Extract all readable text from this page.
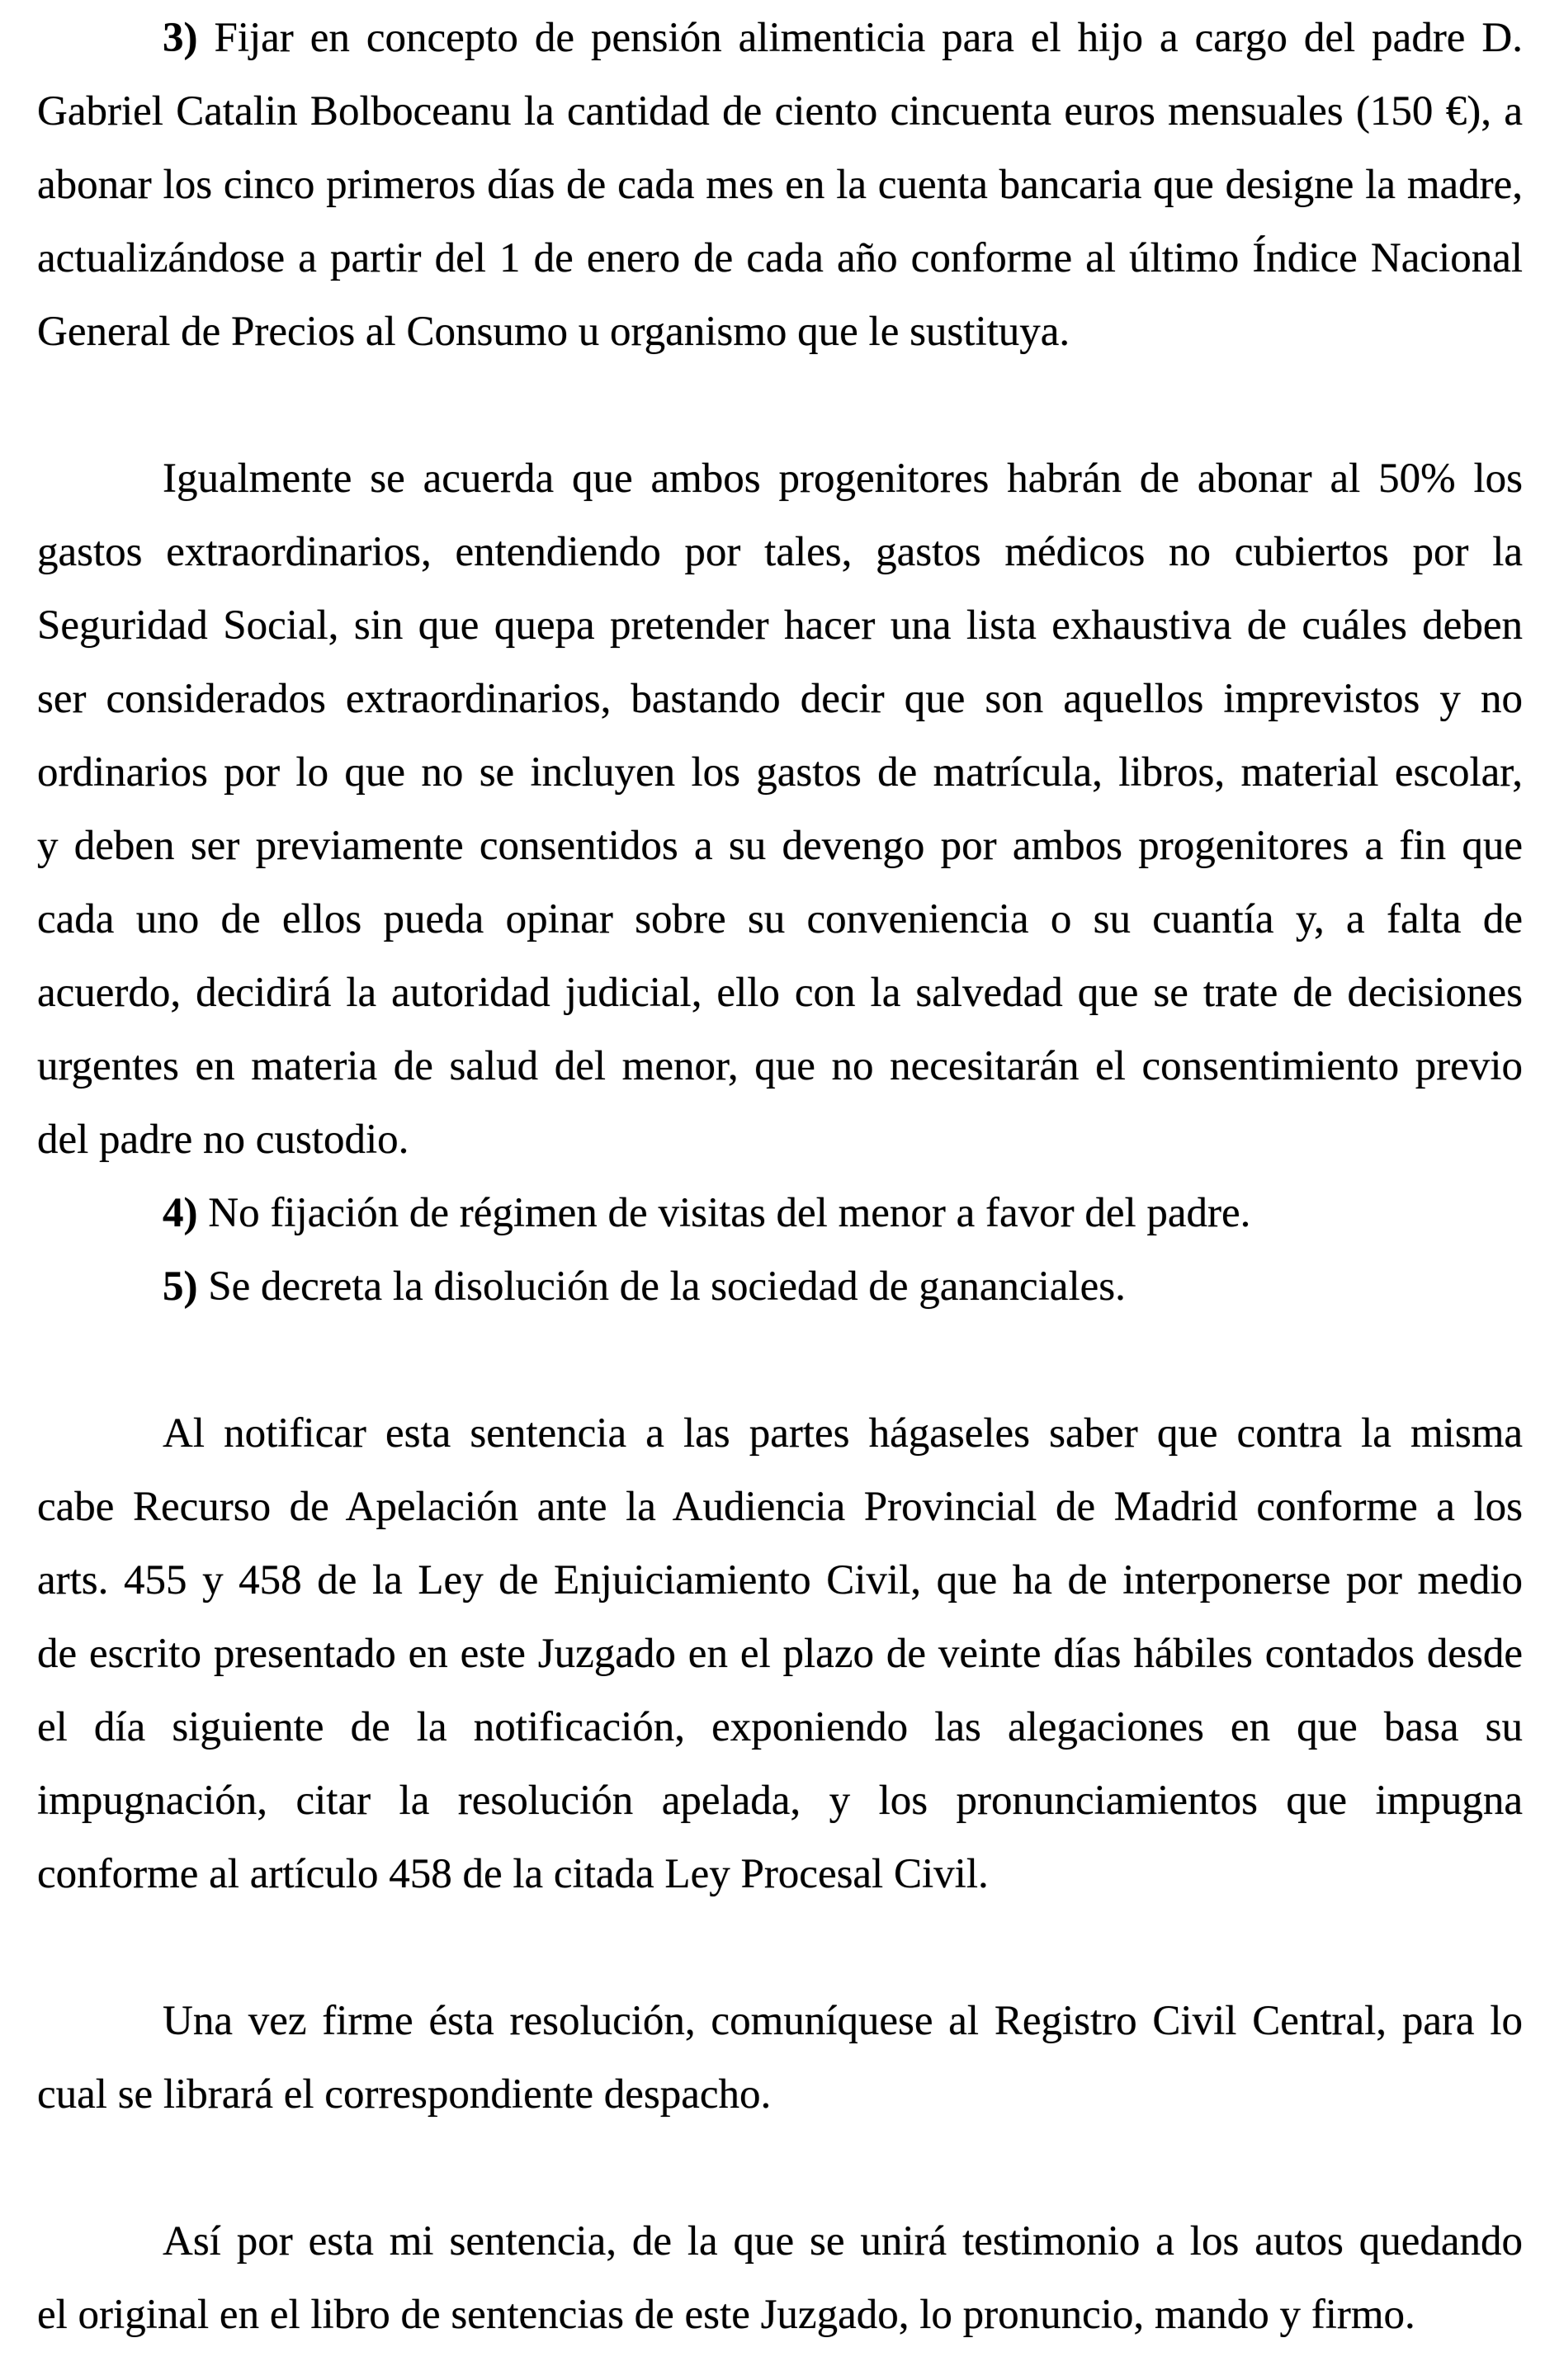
3) Fijar en concepto de pensión alimenticia para el hijo a cargo del padre D.
Gabriel Catalin Bolboceanu la cantidad de ciento cincuenta euros mensuales (150 €), a
abonar los cinco primeros días de cada mes en la cuenta bancaria que designe la madre,
actualizándose a partir del 1 de enero de cada año conforme al último Índice Nacional
General de Precios al Consumo u organismo que le sustituya.
Igualmente se acuerda que ambos progenitores habrán de abonar al 50% los
gastos extraordinarios, entendiendo por tales, gastos médicos no cubiertos por la
Seguridad Social, sin que quepa pretender hacer una lista exhaustiva de cuáles deben
ser considerados extraordinarios, bastando decir que son aquellos imprevistos y no
ordinarios por lo que no se incluyen los gastos de matrícula, libros, material escolar,
y deben ser previamente consentidos a su devengo por ambos progenitores a fin que
cada uno de ellos pueda opinar sobre su conveniencia o su cuantía y, a falta de
acuerdo, decidirá la autoridad judicial, ello con la salvedad que se trate de decisiones
urgentes en materia de salud del menor, que no necesitarán el consentimiento previo
del padre no custodio.
4) No fijación de régimen de visitas del menor a favor del padre.
5) Se decreta la disolución de la sociedad de gananciales.
Al notificar esta sentencia a las partes hágaseles saber que contra la misma
cabe Recurso de Apelación ante la Audiencia Provincial de Madrid conforme a los
arts. 455 y 458 de la Ley de Enjuiciamiento Civil, que ha de interponerse por medio
de escrito presentado en este Juzgado en el plazo de veinte días hábiles contados desde
el día siguiente de la notificación, exponiendo las alegaciones en que basa su
impugnación, citar la resolución apelada, y los pronunciamientos que impugna
conforme al artículo 458 de la citada Ley Procesal Civil.
Una vez firme ésta resolución, comuníquese al Registro Civil Central, para lo
cual se librará el correspondiente despacho.
Así por esta mi sentencia, de la que se unirá testimonio a los autos quedando
el original en el libro de sentencias de este Juzgado, lo pronuncio, mando y firmo.
